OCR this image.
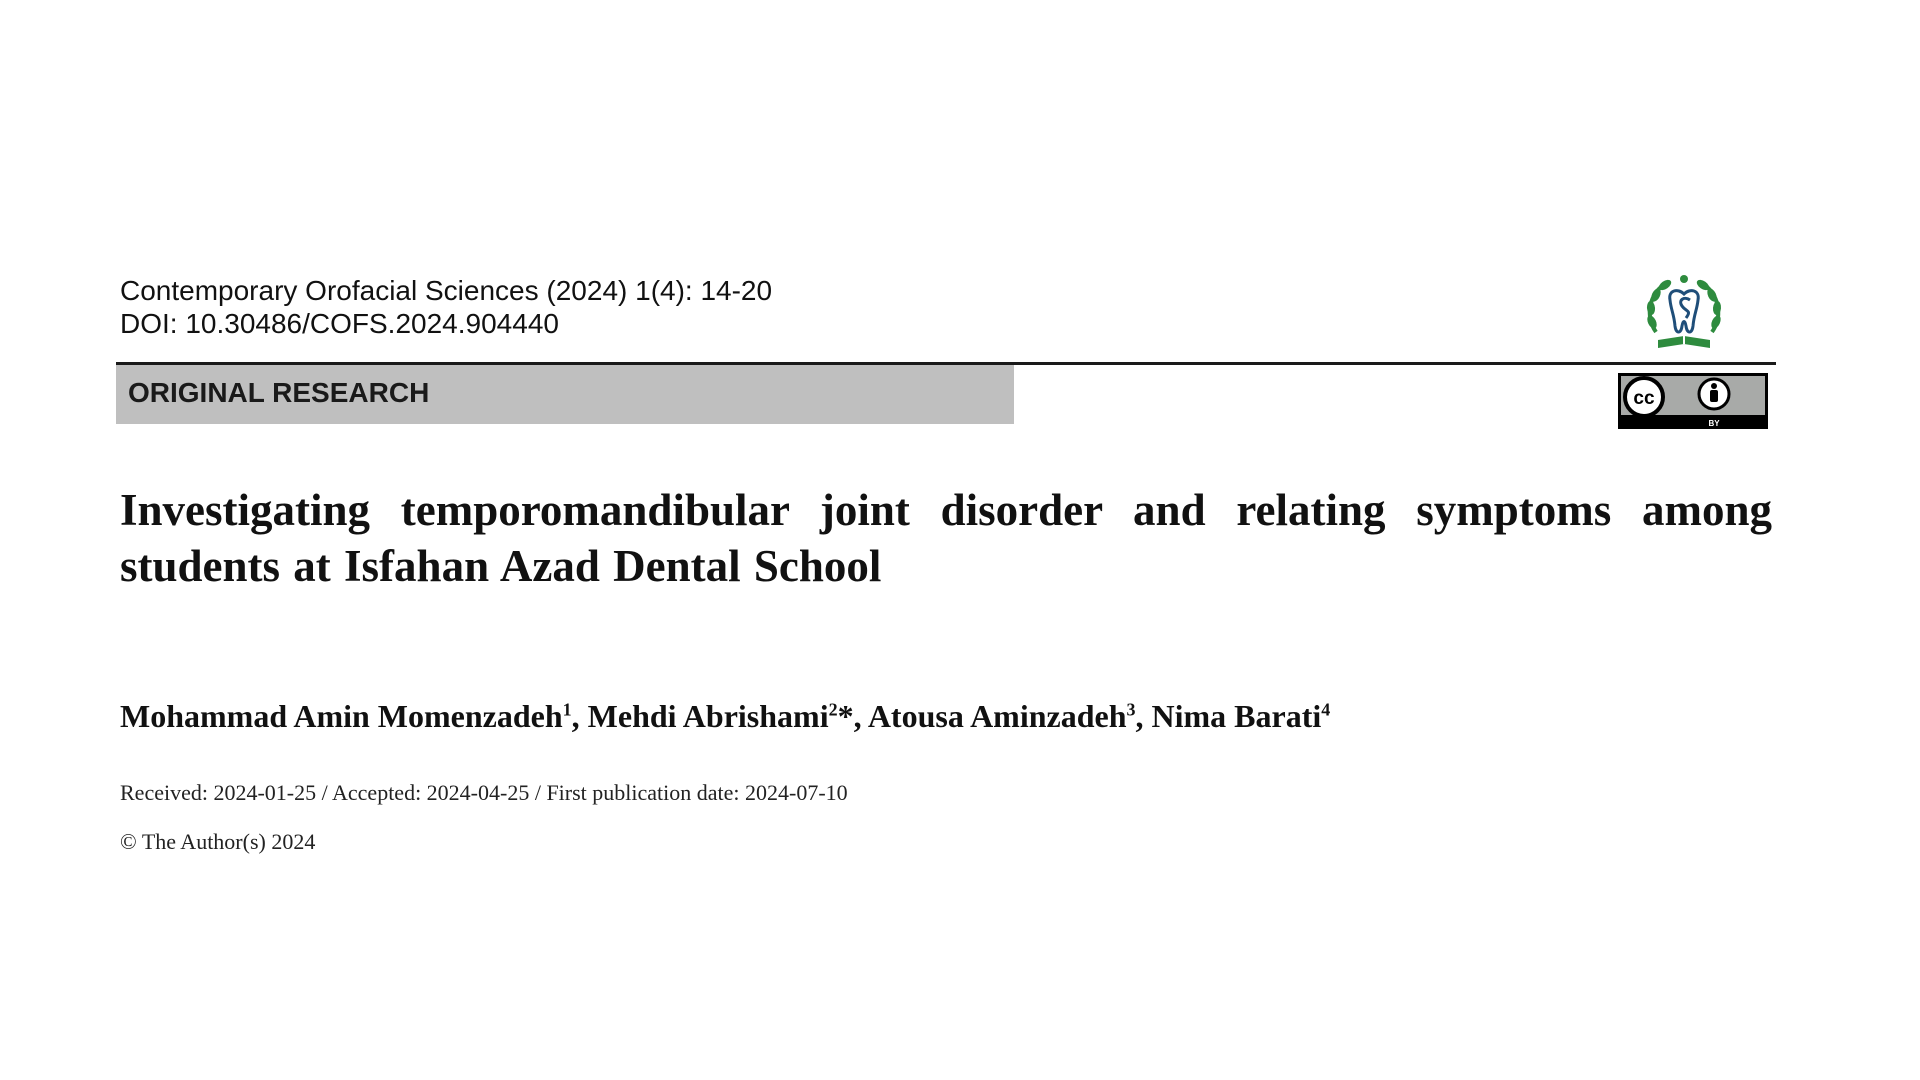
Contemporary Orofacial Sciences (2024) 1(4): 14-20
DOI: 10.30486/COFS.2024.904440
ORIGINAL RESEARCH	cc
BY
Investigating temporomandibular joint disorder and relating symptoms among students at Isfahan Azad Dental School
Mohammad Amin Momenzadeh$^1$, Mehdi Abrishami$^2$*, Atousa Aminzadeh$^3$, Nima Barati$^4$
Received: 2024-01-25 / Accepted: 2024-04-25 / First publication date: 2024-07-10
© The Author(s) 2024
